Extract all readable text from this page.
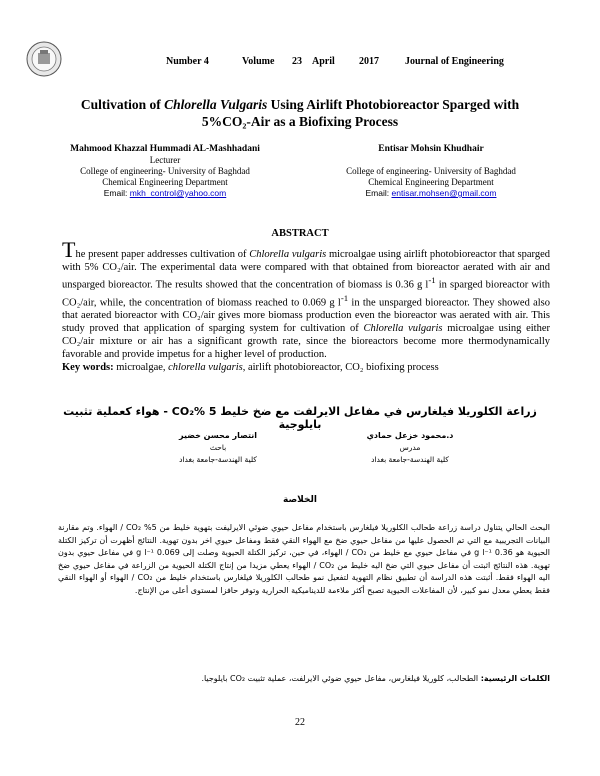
Number 4	Volume 23 April 2017	Journal of Engineering
Cultivation of Chlorella Vulgaris Using Airlift Photobioreactor Sparged with
5%CO₂-Air as a Biofixing Process
Mahmood Khazzal Hummadi AL-Mashhadani
Lecturer
College of engineering- University of Baghdad
Chemical Engineering Department
Email: mkh_control@yahoo.com
Entisar Mohsin Khudhair
College of engineering- University of Baghdad
Chemical Engineering Department
Email: entisar.mohsen@gmail.com
ABSTRACT
The present paper addresses cultivation of Chlorella vulgaris microalgae using airlift photobioreactor that sparged with 5% CO₂/air. The experimental data were compared with that obtained from bioreactor aerated with air and unsparged bioreactor. The results showed that the concentration of biomass is 0.36 g $l^{-1}$ in sparged bioreactor with CO₂/air, while, the concentration of biomass reached to 0.069 g $l^{-1}$ in the unsparged bioreactor. They showed also that aerated bioreactor with CO₂/air gives more biomass production even the bioreactor was aerated with air. This study proved that application of sparging system for cultivation of Chlorella vulgaris microalgae using either CO₂/air mixture or air has a significant growth rate, since the bioreactors become more thermodynamically favorable and provide impetus for a higher level of production.
Key words: microalgae, chlorella vulgaris, airlift photobioreactor, CO₂ biofixing process
زراعة الكلوريلا فيلغارس في مفاعل الايرلفت مع ضخ خليط 5 %CO₂ - هواء كعملية تثبيت بايلوجية
د.محمود خزعل حمادي
مدرس
كلية الهندسة-جامعة بغداد
انتصار محسن خضير
باحث
كلية الهندسة-جامعة بغداد
الخلاصة
البحث الحالي يتناول دراسة زراعة طحالب الكلوريلا فيلغارس باستخدام مفاعل حيوي ضوئي الايرليفت بتهوية خليط من 5% CO₂ / الهواء. وتم مقارنة البيانات التجريبية مع التي تم الحصول عليها من مفاعل حيوي ضخ مع الهواء النقي فقط ومفاعل حيوي اخر بدون تهوية. النتائج أظهرت أن تركيز الكتلة الحيوية هو 0.36 g l⁻¹ في مفاعل حيوي مع خليط من CO₂ / الهواء، في حين، تركيز الكتلة الحيوية وصلت إلى 0.069 g l⁻¹ في مفاعل حيوي بدون تهوية. هذه النتائج اثبتت أن مفاعل حيوي التي ضخ اليه خليط من CO₂ / الهواء يعطي مزيدا من إنتاج الكتلة الحيوية من الزراعة في مفاعل حيوي ضخ اليه الهواء فقط. أثبتت هذه الدراسة أن تطبيق نظام التهوية لتفعيل نمو طحالب الكلوريلا فيلغارس باستخدام خليط من CO₂ / الهواء أو الهواء النقي فقط يعطي معدل نمو كبير، لأن المفاعلات الحيوية تصبح أكثر ملاءمة للديناميكية الحرارية وتوفر حافزا لمستوى أعلى من الإنتاج.
الكلمات الرئيسية: الطحالب، كلوريلا فيلغارس، مفاعل حيوي ضوئي الايرلفت، عملية تثبيت CO₂ بايلوجيا.
22
